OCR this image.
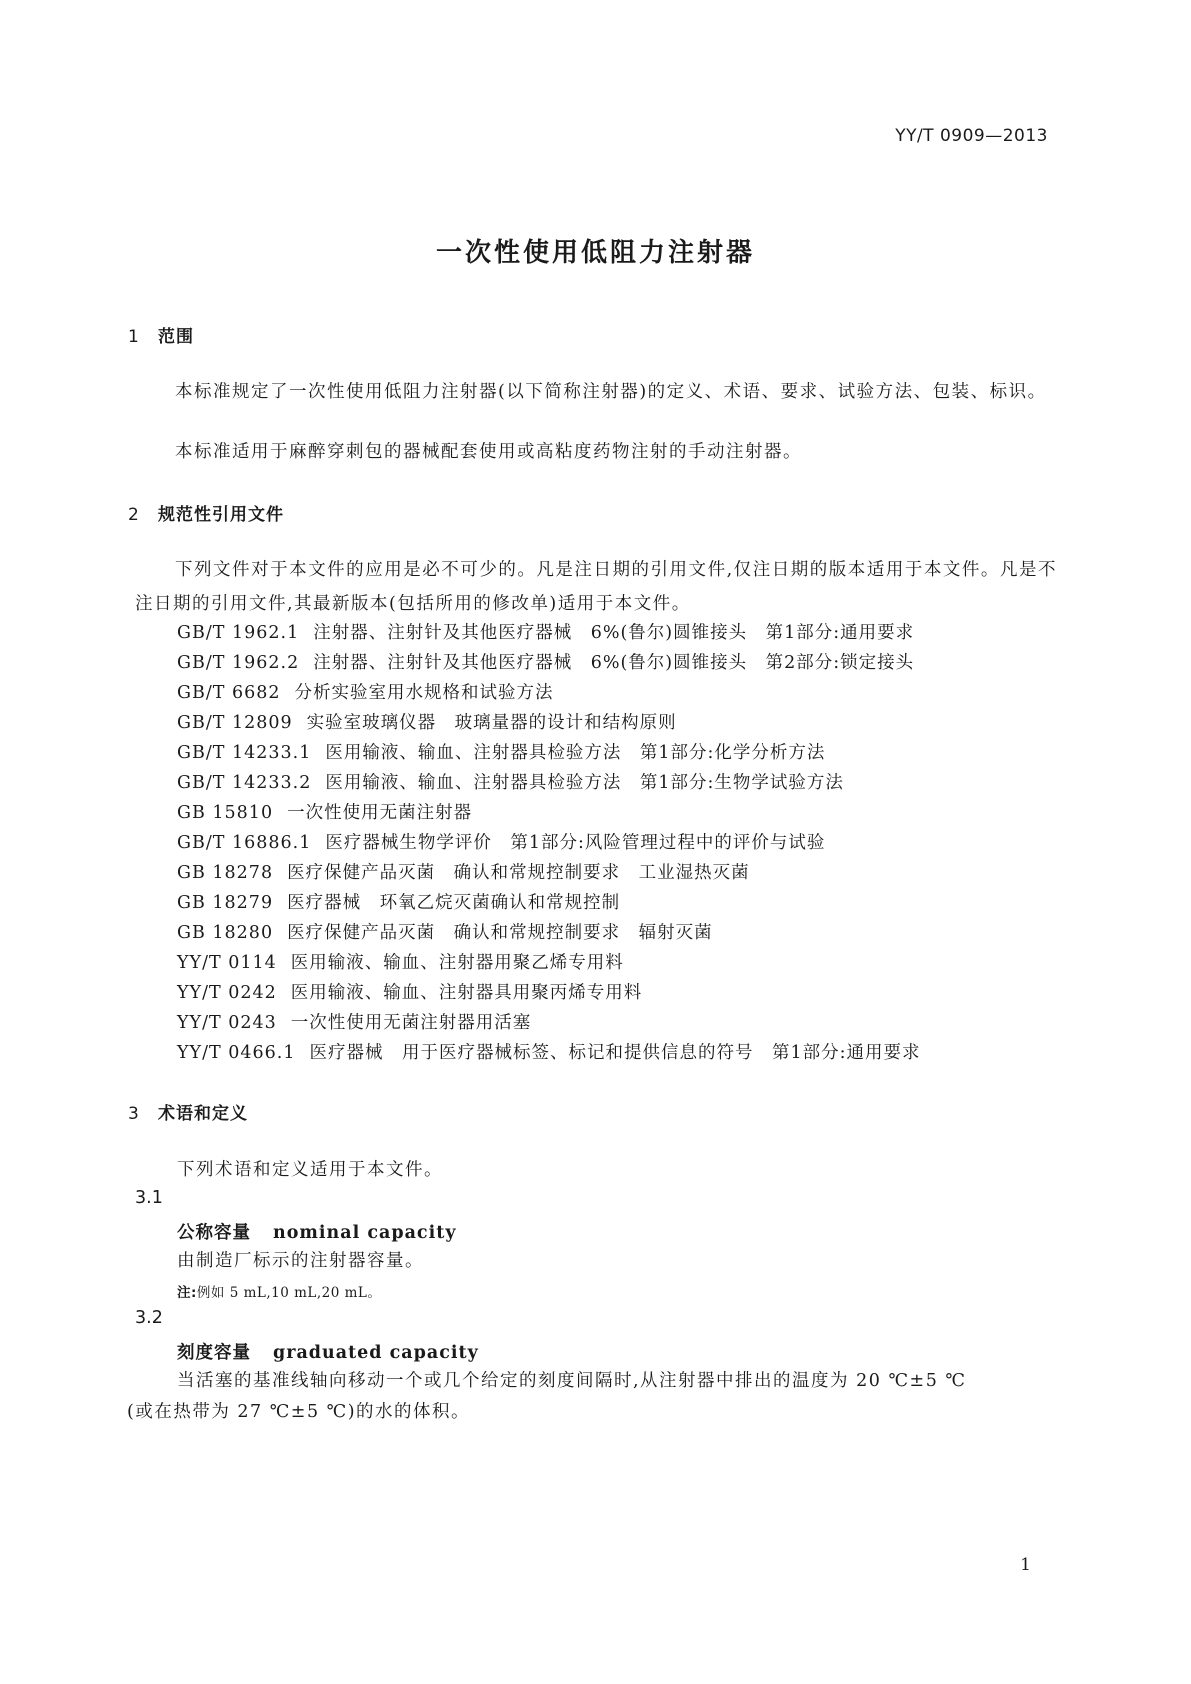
YY/T 0909—2013
一次性使用低阻力注射器
1 范围
本标准规定了一次性使用低阻力注射器(以下简称注射器)的定义、术语、要求、试验方法、包装、标识。
本标准适用于麻醉穿刺包的器械配套使用或高粘度药物注射的手动注射器。
2 规范性引用文件
下列文件对于本文件的应用是必不可少的。凡是注日期的引用文件,仅注日期的版本适用于本文件。凡是不注日期的引用文件,其最新版本(包括所用的修改单)适用于本文件。
GB/T 1962.1 注射器、注射针及其他医疗器械　6%(鲁尔)圆锥接头　第1部分:通用要求
GB/T 1962.2 注射器、注射针及其他医疗器械　6%(鲁尔)圆锥接头　第2部分:锁定接头
GB/T 6682 分析实验室用水规格和试验方法
GB/T 12809 实验室玻璃仪器　玻璃量器的设计和结构原则
GB/T 14233.1 医用输液、输血、注射器具检验方法　第1部分:化学分析方法
GB/T 14233.2 医用输液、输血、注射器具检验方法　第1部分:生物学试验方法
GB 15810 一次性使用无菌注射器
GB/T 16886.1 医疗器械生物学评价　第1部分:风险管理过程中的评价与试验
GB 18278 医疗保健产品灭菌　确认和常规控制要求　工业湿热灭菌
GB 18279 医疗器械　环氧乙烷灭菌确认和常规控制
GB 18280 医疗保健产品灭菌　确认和常规控制要求　辐射灭菌
YY/T 0114 医用输液、输血、注射器用聚乙烯专用料
YY/T 0242 医用输液、输血、注射器具用聚丙烯专用料
YY/T 0243 一次性使用无菌注射器用活塞
YY/T 0466.1 医疗器械　用于医疗器械标签、标记和提供信息的符号　第1部分:通用要求
3 术语和定义
下列术语和定义适用于本文件。
3.1
公称容量 nominal capacity
由制造厂标示的注射器容量。
注:例如 5 mL,10 mL,20 mL。
3.2
刻度容量 graduated capacity
当活塞的基准线轴向移动一个或几个给定的刻度间隔时,从注射器中排出的温度为 20 ℃±5 ℃
(或在热带为 27 ℃±5 ℃)的水的体积。
1
